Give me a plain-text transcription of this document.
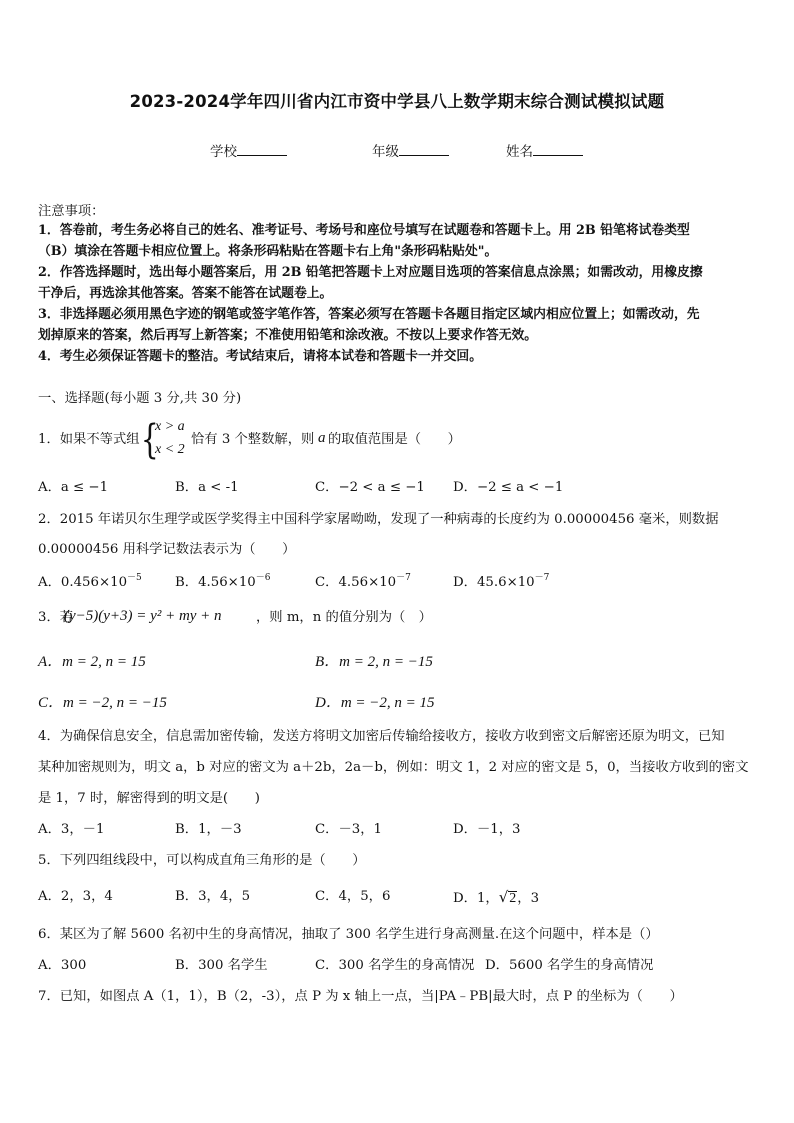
2023-2024学年四川省内江市资中学县八上数学期末综合测试模拟试题
学校	年级	姓名
注意事项：
1．答卷前，考生务必将自己的姓名、准考证号、考场号和座位号填写在试题卷和答题卡上。用 2B 铅笔将试卷类型
（B）填涂在答题卡相应位置上。将条形码粘贴在答题卡右上角"条形码粘贴处"。
2．作答选择题时，选出每小题答案后，用 2B 铅笔把答题卡上对应题目选项的答案信息点涂黑；如需改动，用橡皮擦
干净后，再选涂其他答案。答案不能答在试题卷上。
3．非选择题必须用黑色字迹的钢笔或签字笔作答，答案必须写在答题卡各题目指定区域内相应位置上；如需改动，先
划掉原来的答案，然后再写上新答案；不准使用铅笔和涂改液。不按以上要求作答无效。
4．考生必须保证答题卡的整洁。考试结束后，请将本试卷和答题卡一并交回。
一、选择题(每小题 3 分,共 30 分)
1．如果不等式组 {
x > a
x < 2
恰有 3 个整数解，则 a 的取值范围是（　　）
A．a ≤ −1	B．a < -1	C．−2 < a ≤ −1 D．−2 ≤ a < −1
2．2015 年诺贝尔生理学或医学奖得主中国科学家屠呦呦，发现了一种病毒的长度约为 0.00000456 毫米，则数据
0.00000456 用科学记数法表示为（　　）
A．$0.456\times 10^{-5}$ B．$4.56\times 10^{-6}$	C．$4.56\times 10^{-7}$	D．$45.6\times 10^{-7}$
3．若
(y−5)(y+3) = y² + my + n	，则 m，n 的值分别为（　）
A．m = 2, n = 15	B．m = 2, n = −15
C．m = −2, n = −15	D．m = −2, n = 15
4．为确保信息安全，信息需加密传输，发送方将明文加密后传输给接收方，接收方收到密文后解密还原为明文，已知
某种加密规则为，明文 a，b 对应的密文为 a＋2b，2a－b，例如：明文 1，2 对应的密文是 5，0，当接收方收到的密文
是 1，7 时，解密得到的明文是(　　)
A．3，－1	B．1，－3	C．－3，1	D．－1，3
5．下列四组线段中，可以构成直角三角形的是（　　）
A．2，3，4	B．3，4，5	C．4，5，6	D．1，√2，3
6．某区为了解 5600 名初中生的身高情况，抽取了 300 名学生进行身高测量.在这个问题中，样本是（）
A．300	B．300 名学生	C．300 名学生的身高情况 D．5600 名学生的身高情况
7．已知，如图点 A（1，1），B（2，-3），点 P 为 x 轴上一点，当|PA﹣PB|最大时，点 P 的坐标为（　　）
